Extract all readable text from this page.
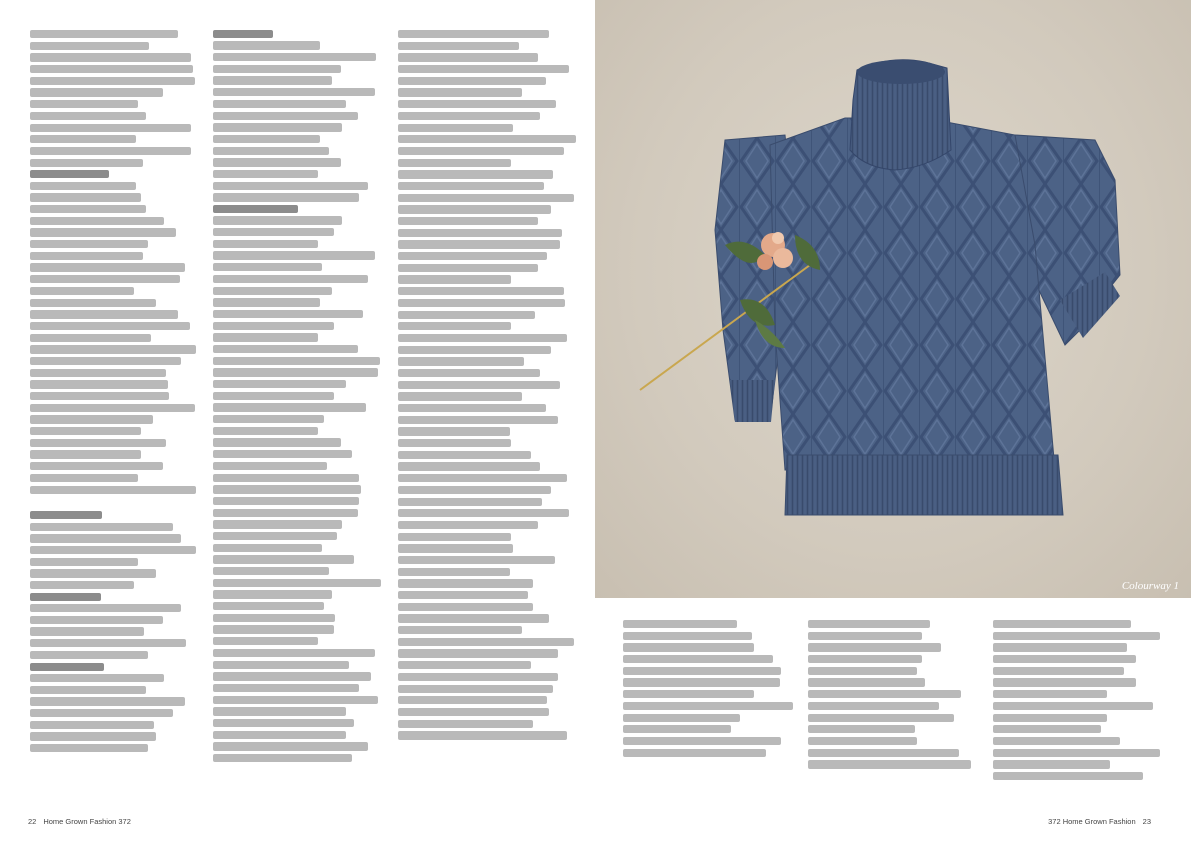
22 Home Grown Fashion 372
Colourway 1
372 Home Grown Fashion 23
